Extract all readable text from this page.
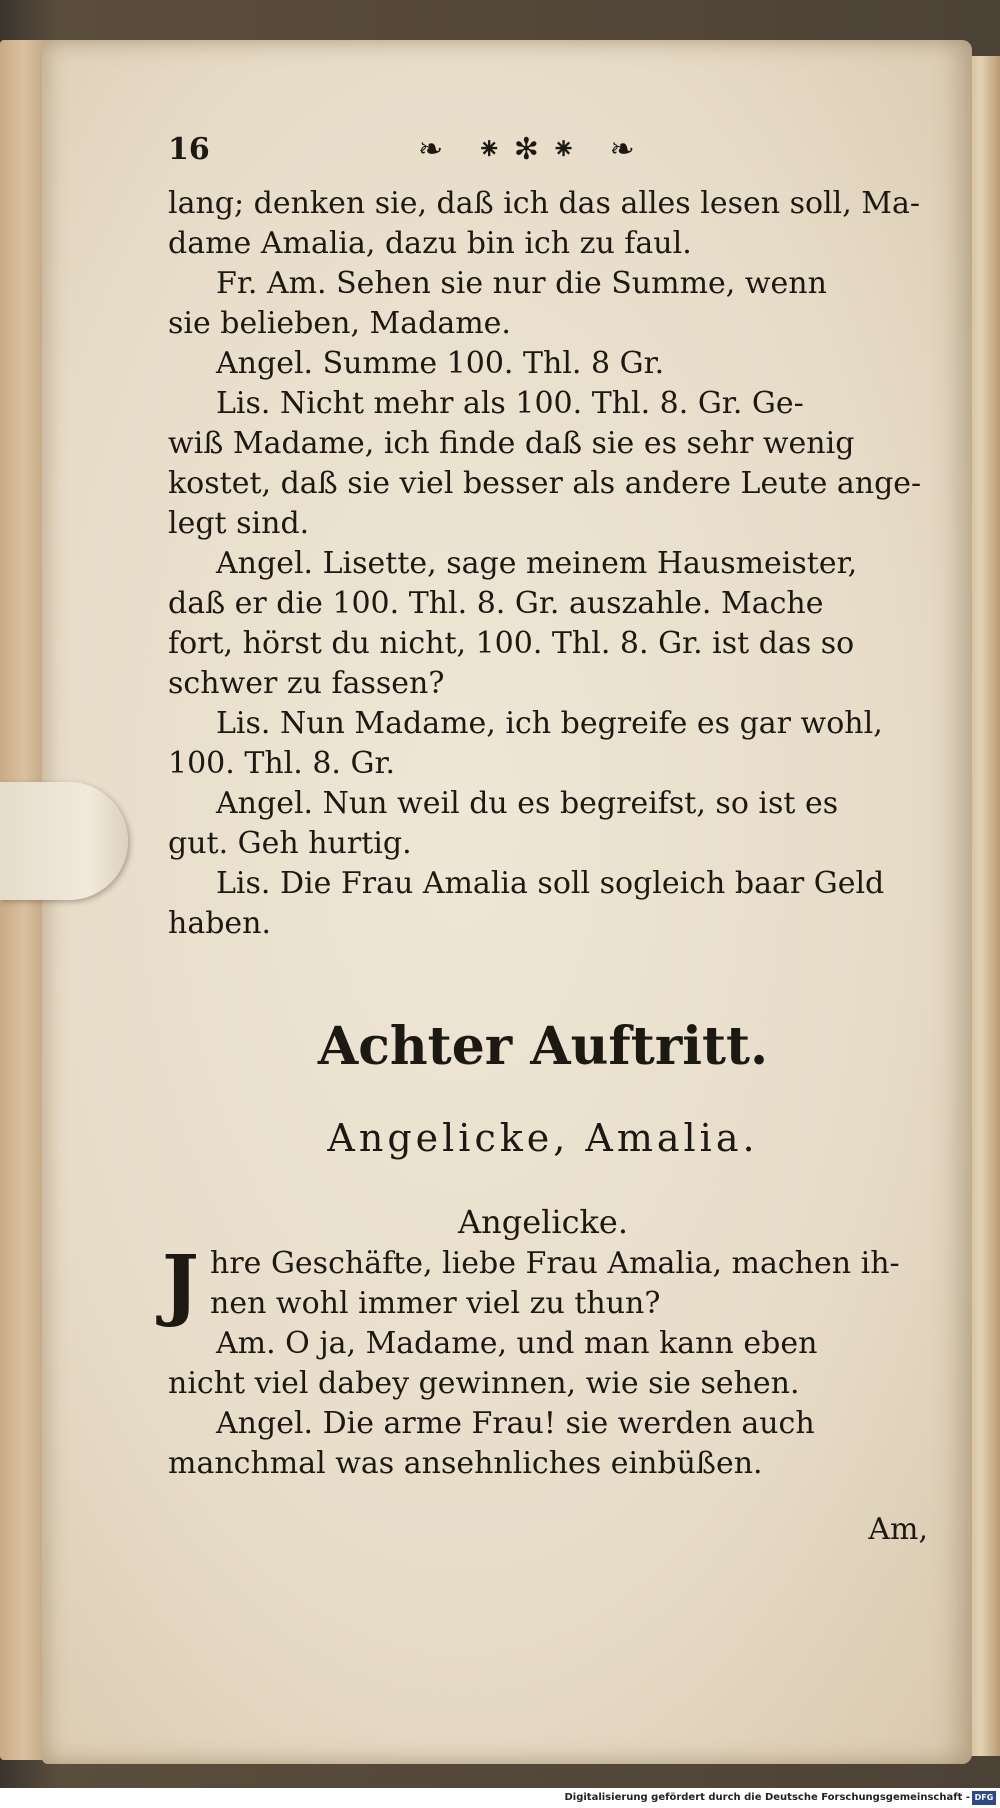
16	❧ ⁕✻⁕ ❧
lang; denken sie, daß ich das alles lesen soll, Ma-
dame Amalia, dazu bin ich zu faul.
Fr. Am. Sehen sie nur die Summe, wenn
sie belieben, Madame.
Angel. Summe 100. Thl. 8 Gr.
Lis. Nicht mehr als 100. Thl. 8. Gr. Ge-
wiß Madame, ich finde daß sie es sehr wenig
kostet, daß sie viel besser als andere Leute ange-
legt sind.
Angel. Lisette, sage meinem Hausmeister,
daß er die 100. Thl. 8. Gr. auszahle. Mache
fort, hörst du nicht, 100. Thl. 8. Gr. ist das so
schwer zu fassen?
Lis. Nun Madame, ich begreife es gar wohl,
100. Thl. 8. Gr.
Angel. Nun weil du es begreifst, so ist es
gut. Geh hurtig.
Lis. Die Frau Amalia soll sogleich baar Geld
haben.
Achter Auftritt.
Angelicke, Amalia.
Angelicke.
J hre Geschäfte, liebe Frau Amalia, machen ih-
nen wohl immer viel zu thun?
Am. O ja, Madame, und man kann eben
nicht viel dabey gewinnen, wie sie sehen.
Angel. Die arme Frau! sie werden auch
manchmal was ansehnliches einbüßen.
Am,
Digitalisierung gefördert durch die Deutsche Forschungsgemeinschaft - DFG
